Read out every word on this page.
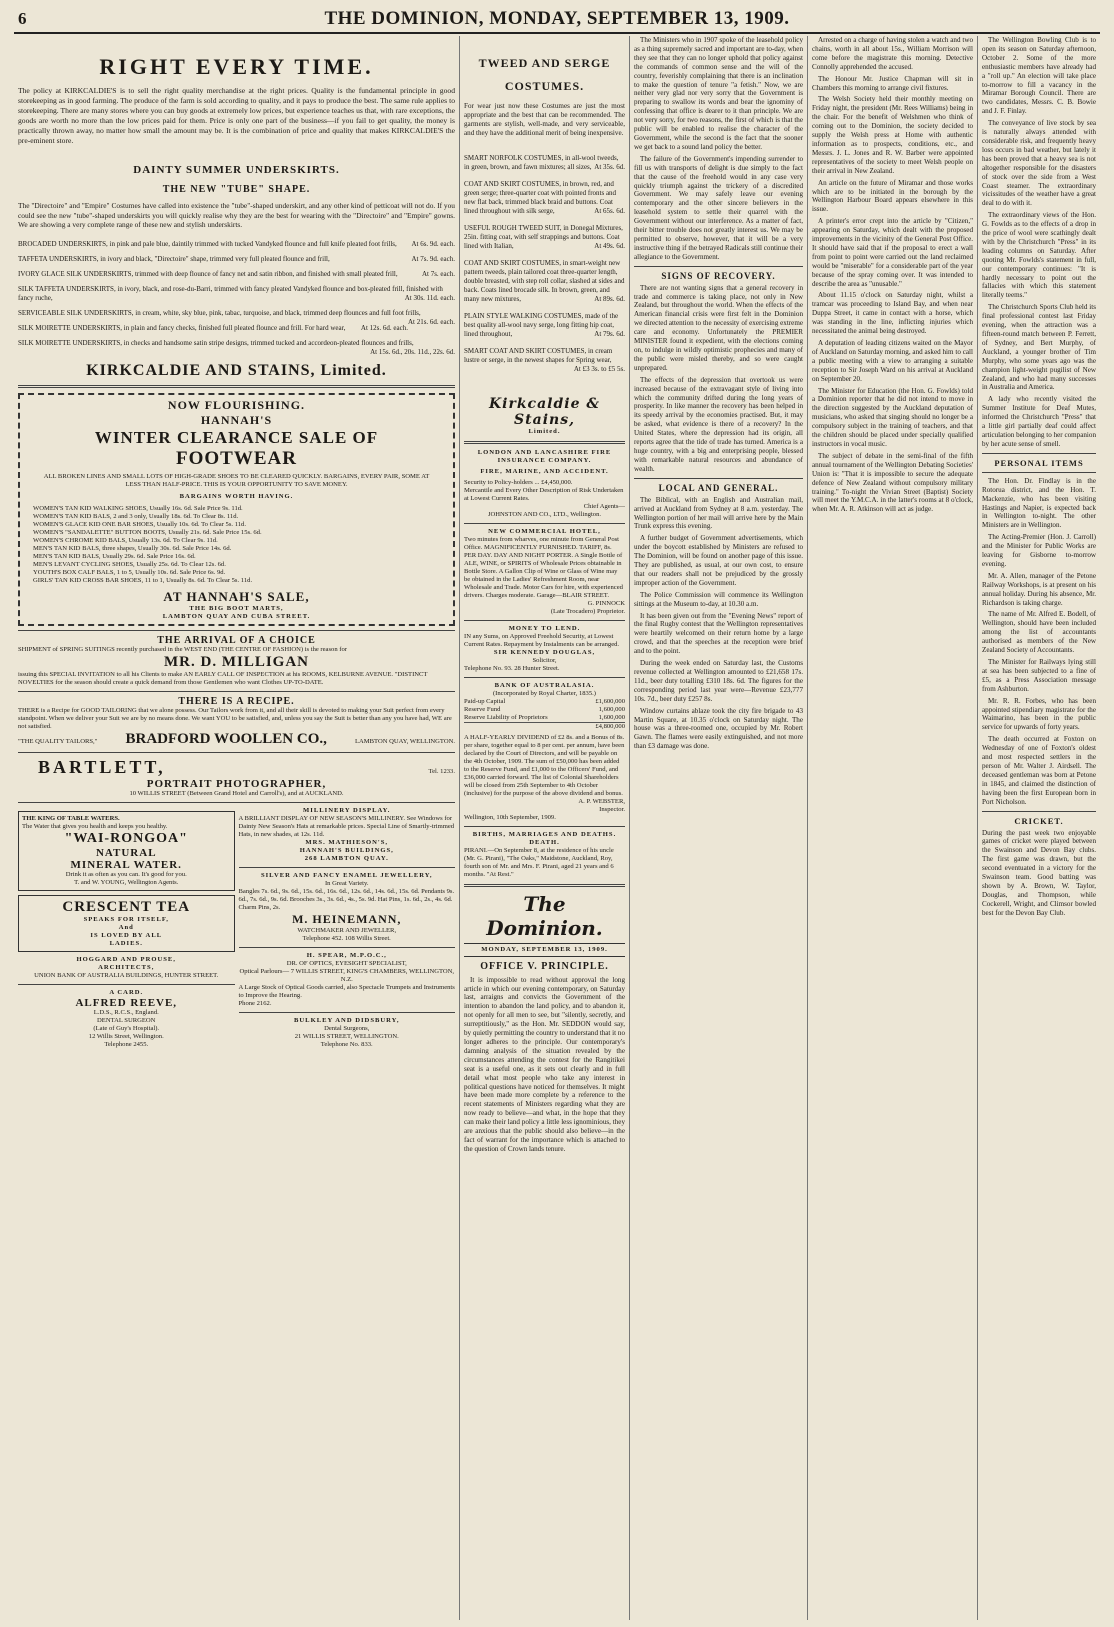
6	THE DOMINION, MONDAY, SEPTEMBER 13, 1909.
RIGHT EVERY TIME.

The policy at KIRKCALDIE'S is to sell the right quality merchandise at the right prices. Quality is the fundamental principle in good storekeeping as in good farming. The produce of the farm is sold according to quality, and it pays to produce the best. The same rule applies to storekeeping. There are many stores where you can buy goods at extremely low prices, but experience teaches us that, with rare exceptions, the goods are worth no more than the low prices paid for them. Price is only one part of the business—if you fail to get quality, the money is practically thrown away, no matter how small the amount may be. It is the combination of price and quality that makes KIRKCALDIE'S the pre-eminent store.

DAINTY SUMMER UNDERSKIRTS.
THE NEW "TUBE" SHAPE.

The "Directoire" and "Empire" Costumes have called into existence the "tube"-shaped underskirt, and any other kind of petticoat will not do. If you could see the new "tube"-shaped underskirts you will quickly realise why they are the best for wearing with the "Directoire" and "Empire" gowns. We are showing a very complete range of these new and stylish underskirts.

BROCADED UNDERSKIRTS, in pink and pale blue, daintily trimmed with tucked Vandyked flounce and full knife pleated foot frills, At 6s. 9d. each.
TAFFETA UNDERSKIRTS, in ivory and black, "Directoire" shape, trimmed very full pleated flounce and frill,	At 7s. 9d. each.
IVORY GLACE SILK UNDERSKIRTS, trimmed with deep flounce of fancy net and satin ribbon, and finished with small pleated frill,	At 7s. each.
SILK TAFFETA UNDERSKIRTS, in ivory, black, and rose-du-Barri, trimmed with fancy pleated Vandyked flounce and box-pleated frill, finished with fancy ruche,	At 30s. 11d. each.
SERVICEABLE SILK UNDERSKIRTS, in cream, white, sky blue, pink, tabac, turquoise, and black, trimmed deep flounces and full foot frills,
At 21s. 6d. each.
SILK MOIRETTE UNDERSKIRTS, in plain and fancy checks, finished full pleated flounce and frill. For hard wear, At 12s. 6d. each.
SILK MOIRETTE UNDERSKIRTS, in checks and handsome satin stripe designs, trimmed tucked and accordeon-pleated flounces and frills,
At 15s. 6d., 20s. 11d., 22s. 6d.
KIRKCALDIE AND STAINS, Limited.
NOW FLOURISHING.
HANNAH'S
WINTER CLEARANCE SALE OF
FOOTWEAR

ALL BROKEN LINES AND SMALL LOTS OF HIGH-GRADE SHOES TO BE CLEARED QUICKLY. BARGAINS, EVERY PAIR, SOME AT LESS THAN HALF-PRICE. THIS IS YOUR OPPORTUNITY TO SAVE MONEY.

BARGAINS WORTH HAVING.
WOMEN'S TAN KID WALKING SHOES, Usually 16s. 6d. Sale Price 9s. 11d.
WOMEN'S TAN KID BALS, 2 and 3 only, Usually 18s. 6d. To Clear 8s. 11d.
WOMEN'S GLACE KID ONE BAR SHOES, Usually 10s. 6d. To Clear 5s. 11d.
WOMEN'S "SANDALETTE" BUTTON BOOTS, Usually 21s. 6d. Sale Price 15s. 6d.
WOMEN'S CHROME KID BALS, Usually 13s. 6d. To Clear 9s. 11d.
MEN'S TAN KID BALS, three shapes, Usually 30s. 6d. Sale Price 14s. 6d.
MEN'S TAN KID BALS, Usually 29s. 6d. Sale Price 16s. 6d.
MEN'S LEVANT CYCLING SHOES, Usually 25s. 6d. To Clear 12s. 6d.
YOUTH'S BOX CALF BALS, 1 to 5, Usually 10s. 6d. Sale Price 6s. 9d.
GIRLS' TAN KID CROSS BAR SHOES, 11 to 1, Usually 8s. 6d. To Clear 5s. 11d.
AT HANNAH'S SALE,
THE BIG BOOT MARTS,
LAMBTON QUAY AND CUBA STREET.
THE ARRIVAL OF A CHOICE

SHIPMENT of SPRING SUITINGS recently purchased in the WEST END (THE CENTRE OF FASHION) is the reason for

MR. D. MILLIGAN

issuing this SPECIAL INVITATION to all his Clients to make AN EARLY CALL OF INSPECTION at his ROOMS, KELBURNE AVENUE. "DISTINCT NOVELTIES for the season should create a quick demand from those Gentlemen who want Clothes UP-TO-DATE.

THERE IS A RECIPE.

THERE is a Recipe for GOOD TAILORING that we alone possess. Our Tailors work from it, and all their skill is devoted to making your Suit perfect from every standpoint. When we deliver your Suit we are by no means done. We want YOU to be satisfied, and, unless you say the Suit is better than any you have had, WE are not satisfied.

"THE QUALITY TAILORS," BRADFORD WOOLLEN CO.,	LAMBTON QUAY, WELLINGTON.
BARTLETT,	Tel. 1233.
PORTRAIT PHOTOGRAPHER,
10 WILLIS STREET (Between Grand Hotel and Carroll's), and at AUCKLAND.
THE KING OF TABLE WATERS.
The Water that gives you health and keeps you healthy.
"WAI-RONGOA"
NATURAL
MINERAL WATER.
Drink it as often as you can. It's good for you.
T. and W. YOUNG, Wellington Agents.
CRESCENT TEA
SPEAKS FOR ITSELF,
And
IS LOVED BY ALL
LADIES.
HOGGARD AND PROUSE,
ARCHITECTS,
UNION BANK OF AUSTRALIA BUILDINGS, HUNTER STREET.
A CARD.
ALFRED REEVE,
L.D.S., R.C.S., England.
DENTAL SURGEON
(Late of Guy's Hospital).
12 Willis Street, Wellington.
Telephone 2455.
MILLINERY DISPLAY.

A BRILLIANT DISPLAY OF NEW SEASON'S MILLINERY. See Windows for Dainty New Season's Hats at remarkable prices. Special Line of Smartly-trimmed Hats, in new shades, at 12s. 11d.

MRS. MATHIESON'S,
HANNAH'S BUILDINGS,
268 LAMBTON QUAY.
SILVER AND FANCY ENAMEL JEWELLERY,
In Great Variety.

Bangles 7s. 6d., 9s. 6d., 15s. 6d., 16s. 6d., 12s. 6d., 14s. 6d., 15s. 6d. Pendants 9s. 6d., 7s. 6d., 9s. 6d. Brooches 3s., 3s. 6d., 4s., 5s. 9d. Hat Pins, 1s. 6d., 2s., 4s. 6d. Charm Pins, 2s.

M. HEINEMANN,
WATCHMAKER AND JEWELLER,
Telephone 452. 108 Willis Street.
H. SPEAR, M.P.O.C.,
DR. OF OPTICS, EYESIGHT SPECIALIST,
Optical Parlours— 7 WILLIS STREET, KING'S CHAMBERS, WELLINGTON, N.Z.

A Large Stock of Optical Goods carried, also Spectacle Trumpets and Instruments to Improve the Hearing.

Phone 2162.
BULKLEY AND DIDSBURY,
Dental Surgeons,
21 WILLIS STREET, WELLINGTON.
Telephone No. 833.
TWEED AND SERGE
COSTUMES.

For wear just now these Costumes are just the most appropriate and the best that can be recommended. The garments are stylish, well-made, and very serviceable, and they have the additional merit of being inexpensive.

SMART NORFOLK COSTUMES, in all-wool tweeds, in green, brown, and fawn mixtures; all sizes, At 35s. 6d.
COAT AND SKIRT COSTUMES, in brown, red, and green serge; three-quarter coat with pointed fronts and new flat back, trimmed black braid and buttons. Coat lined throughout with silk serge,	At 65s. 6d.
USEFUL ROUGH TWEED SUIT, in Donegal Mixtures, 25in. fitting coat, with self strappings and buttons. Coat lined with Italian,	At 49s. 6d.
COAT AND SKIRT COSTUMES, in smart-weight new pattern tweeds, plain tailored coat three-quarter length, double breasted, with step roll collar, slashed at sides and back. Coats lined brocade silk. In brown, green, and many new mixtures,	At 89s. 6d.
PLAIN STYLE WALKING COSTUMES, made of the best quality all-wool navy serge, long fitting hip coat, lined throughout,	At 79s. 6d.
SMART COAT AND SKIRT COSTUMES, in cream lustre or serge, in the newest shapes for Spring wear,
At £3 3s. to £5 5s.
Kirkcaldie & Stains,
Limited.
LONDON AND LANCASHIRE FIRE INSURANCE COMPANY.
FIRE, MARINE, AND ACCIDENT.
Security to Policy-holders ... £4,450,000.

Mercantile and Every Other Description of Risk Undertaken at Lowest Current Rates.

Chief Agents—
JOHNSTON AND CO., LTD., Wellington.
NEW COMMERCIAL HOTEL,

Two minutes from wharves, one minute from General Post Office. MAGNIFICENTLY FURNISHED. TARIFF, 8s. PER DAY. DAY AND NIGHT PORTER. A Single Bottle of ALE, WINE, or SPIRITS of Wholesale Prices obtainable in Bottle Store. A Gallon Clip of Wine or Glass of Wine may be obtained in the Ladies' Refreshment Room, near Wholesale and Trade. Motor Cars for hire, with experienced drivers. Charges moderate. Garage—BLAIR STREET.

G. PINNOCK
(Late Trocadero) Proprietor.
MONEY TO LEND.

IN any Sums, on Approved Freehold Security, at Lowest Current Rates. Repayment by Instalments can be arranged.

SIR KENNEDY DOUGLAS,
Solicitor,
Telephone No. 93. 28 Hunter Street.
BANK OF AUSTRALASIA.
(Incorporated by Royal Charter, 1835.)
Paid-up Capital	£1,600,000
Reserve Fund	1,600,000
Reserve Liability of Proprietors	1,600,000
£4,800,000

A HALF-YEARLY DIVIDEND of £2 8s. and a Bonus of 8s. per share, together equal to 8 per cent. per annum, have been declared by the Court of Directors, and will be payable on the 4th October, 1909. The sum of £50,000 has been added to the Reserve Fund, and £1,000 to the Officers' Fund, and £36,000 carried forward. The list of Colonial Shareholders will be closed from 25th September to 4th October (inclusive) for the purpose of the above dividend and bonus.

A. P. WEBSTER,
Inspector.
Wellington, 10th September, 1909.
BIRTHS, MARRIAGES AND DEATHS.
DEATH.

PIRANI.—On September 8, at the residence of his uncle (Mr. G. Pirani), "The Oaks," Maidstone, Auckland, Roy, fourth son of Mr. and Mrs. F. Pirani, aged 21 years and 6 months. "At Rest."

The Dominion.
MONDAY, SEPTEMBER 13, 1909.
OFFICE V. PRINCIPLE.

It is impossible to read without approval the long article in which our evening contemporary, on Saturday last, arraigns and convicts the Government of the intention to abandon the land policy, and to abandon it, not openly for all men to see, but "silently, secretly, and surreptitiously," as the Hon. Mr. SEDDON would say, by quietly permitting the country to understand that it no longer adheres to the principle. Our contemporary's damning analysis of the situation revealed by the circumstances attending the contest for the Rangitikei seat is a useful one, as it sets out clearly and in full detail what most people who take any interest in political questions have noticed for themselves. It might have been made more complete by a reference to the recent statements of Ministers regarding what they are now ready to believe—and what, in the hope that they can make their land policy a little less ignominious, they are anxious that the public should also believe—in the fact of warrant for the importance which is attached to the question of Crown lands tenure.

The Ministers who in 1907 spoke of the leasehold policy as a thing supremely sacred and important are to-day, when they see that they can no longer uphold that policy against the commands of common sense and the will of the country, feverishly complaining that there is an inclination to make the question of tenure "a fetish." Now, we are neither very glad nor very sorry that the Government is preparing to swallow its words and bear the ignominy of confessing that office is dearer to it than principle. We are not very sorry, for two reasons, the first of which is that the public will be enabled to realise the character of the Government, while the second is the fact that the sooner we get back to a sound land policy the better.

The failure of the Government's impending surrender to fill us with transports of delight is due simply to the fact that the cause of the freehold would in any case very quickly triumph against the trickery of a discredited Government. We may safely leave our evening contemporary and the other sincere believers in the leasehold system to settle their quarrel with the Government without our interference. As a matter of fact, their bitter trouble does not greatly interest us. We may be permitted to observe, however, that it will be a very instructive thing if the betrayed Radicals still continue their allegiance to the Government.

SIGNS OF RECOVERY.

There are not wanting signs that a general recovery in trade and commerce is taking place, not only in New Zealand, but throughout the world. When the effects of the American financial crisis were first felt in the Dominion we directed attention to the necessity of exercising extreme care and economy. Unfortunately the PREMIER MINISTER found it expedient, with the elections coming on, to indulge in wildly optimistic prophecies and many of the public were misled thereby, and so were caught unprepared.

The effects of the depression that overtook us were increased because of the extravagant style of living into which the community drifted during the long years of prosperity. In like manner the recovery has been helped in its speedy arrival by the economies practised. But, it may be asked, what evidence is there of a recovery? In the United States, where the depression had its origin, all reports agree that the tide of trade has turned. America is a huge country, with a big and enterprising people, blessed with remarkable natural resources and abundance of wealth.

LOCAL AND GENERAL.

The Biblical, with an English and Australian mail, arrived at Auckland from Sydney at 8 a.m. yesterday. The Wellington portion of her mail will arrive here by the Main Trunk express this evening.

A further budget of Government advertisements, which under the boycott established by Ministers are refused to The Dominion, will be found on another page of this issue. They are published, as usual, at our own cost, to ensure that our readers shall not be prejudiced by the grossly improper action of the Government.

The Police Commission will commence its Wellington sittings at the Museum to-day, at 10.30 a.m.

It has been given out from the "Evening News" report of the final Rugby contest that the Wellington representatives were heartily welcomed on their return home by a large crowd, and that the speeches at the reception were brief and to the point.

During the week ended on Saturday last, the Customs revenue collected at Wellington amounted to £21,658 17s. 11d., beer duty totalling £310 18s. 6d. The figures for the corresponding period last year were—Revenue £23,777 10s. 7d., beer duty £257 8s.

Window curtains ablaze took the city fire brigade to 43 Martin Square, at 10.35 o'clock on Saturday night. The house was a three-roomed one, occupied by Mr. Robert Gawn. The flames were easily extinguished, and not more than £3 damage was done.

Arrested on a charge of having stolen a watch and two chains, worth in all about 15s., William Morrison will come before the magistrate this morning. Detective Connolly apprehended the accused.

The Honour Mr. Justice Chapman will sit in Chambers this morning to arrange civil fixtures.

The Welsh Society held their monthly meeting on Friday night, the president (Mr. Rees Williams) being in the chair. For the benefit of Welshmen who think of coming out to the Dominion, the society decided to supply the Welsh press at Home with authentic information as to prospects, conditions, etc., and Messrs. J. L. Jones and R. W. Barber were appointed representatives of the society to meet Welsh people on their arrival in New Zealand.

An article on the future of Miramar and those works which are to be initiated in the borough by the Wellington Harbour Board appears elsewhere in this issue.

A printer's error crept into the article by "Citizen," appearing on Saturday, which dealt with the proposed improvements in the vicinity of the General Post Office. It should have said that if the proposal to erect a wall from point to point were carried out the land reclaimed would be "miserable" for a considerable part of the year because of the spray coming over. It was intended to describe the area as "unusable."

About 11.15 o'clock on Saturday night, whilst a tramcar was proceeding to Island Bay, and when near Duppa Street, it came in contact with a horse, which was standing in the line, inflicting injuries which necessitated the animal being destroyed.

A deputation of leading citizens waited on the Mayor of Auckland on Saturday morning, and asked him to call a public meeting with a view to arranging a suitable reception to Sir Joseph Ward on his arrival at Auckland on September 20.

The Minister for Education (the Hon. G. Fowlds) told a Dominion reporter that he did not intend to move in the direction suggested by the Auckland deputation of musicians, who asked that singing should no longer be a compulsory subject in the training of teachers, and that the children should be placed under specially qualified instructors in vocal music.

The subject of debate in the semi-final of the fifth annual tournament of the Wellington Debating Societies' Union is: "That it is impossible to secure the adequate defence of New Zealand without compulsory military training." To-night the Vivian Street (Baptist) Society will meet the Y.M.C.A. in the latter's rooms at 8 o'clock, when Mr. A. R. Atkinson will act as judge.

The Wellington Bowling Club is to open its season on Saturday afternoon, October 2. Some of the more enthusiastic members have already had a "roll up." An election will take place to-morrow to fill a vacancy in the Miramar Borough Council. There are two candidates, Messrs. C. B. Bowie and J. F. Finlay.

The conveyance of live stock by sea is naturally always attended with considerable risk, and frequently heavy loss occurs in bad weather, but lately it has been proved that a heavy sea is not altogether responsible for the disasters of stock over the side from a West Coast steamer. The extraordinary vicissitudes of the weather have a great deal to do with it.

The extraordinary views of the Hon. G. Fowlds as to the effects of a drop in the price of wool were scathingly dealt with by the Christchurch "Press" in its leading columns on Saturday. After quoting Mr. Fowlds's statement in full, our contemporary continues: "It is hardly necessary to point out the fallacies with which this statement literally teems."

The Christchurch Sports Club held its final professional contest last Friday evening, when the attraction was a fifteen-round match between P. Ferrett, of Sydney, and Bert Murphy, of Auckland, a younger brother of Tim Murphy, who some years ago was the champion light-weight pugilist of New Zealand, and who had many successes in Australia and America.

A lady who recently visited the Summer Institute for Deaf Mutes, informed the Christchurch "Press" that a little girl partially deaf could affect articulation belonging to her companion by her acute sense of smell.

PERSONAL ITEMS

The Hon. Dr. Findlay is in the Rotorua district, and the Hon. T. Mackenzie, who has been visiting Hastings and Napier, is expected back in Wellington to-night. The other Ministers are in Wellington.

The Acting-Premier (Hon. J. Carroll) and the Minister for Public Works are leaving for Gisborne to-morrow evening.

Mr. A. Allen, manager of the Petone Railway Workshops, is at present on his annual holiday. During his absence, Mr. Richardson is taking charge.

The name of Mr. Alfred E. Bodell, of Wellington, should have been included among the list of accountants authorised as members of the New Zealand Society of Accountants.

The Minister for Railways lying still at sea has been subjected to a fine of £5, as a Press Association message from Ashburton.

Mr. R. R. Forbes, who has been appointed stipendiary magistrate for the Waimarino, has been in the public service for upwards of forty years.

The death occurred at Foxton on Wednesday of one of Foxton's oldest and most respected settlers in the person of Mr. Walter J. Airdsell. The deceased gentleman was born at Petone in 1845, and claimed the distinction of having been the first European born in Port Nicholson.

CRICKET.

During the past week two enjoyable games of cricket were played between the Swainson and Devon Bay clubs. The first game was drawn, but the second eventuated in a victory for the Swainson team. Good batting was shown by A. Brown, W. Taylor, Douglas, and Thompson, while Cockerell, Wright, and Climsor bowled best for the Devon Bay Club.
